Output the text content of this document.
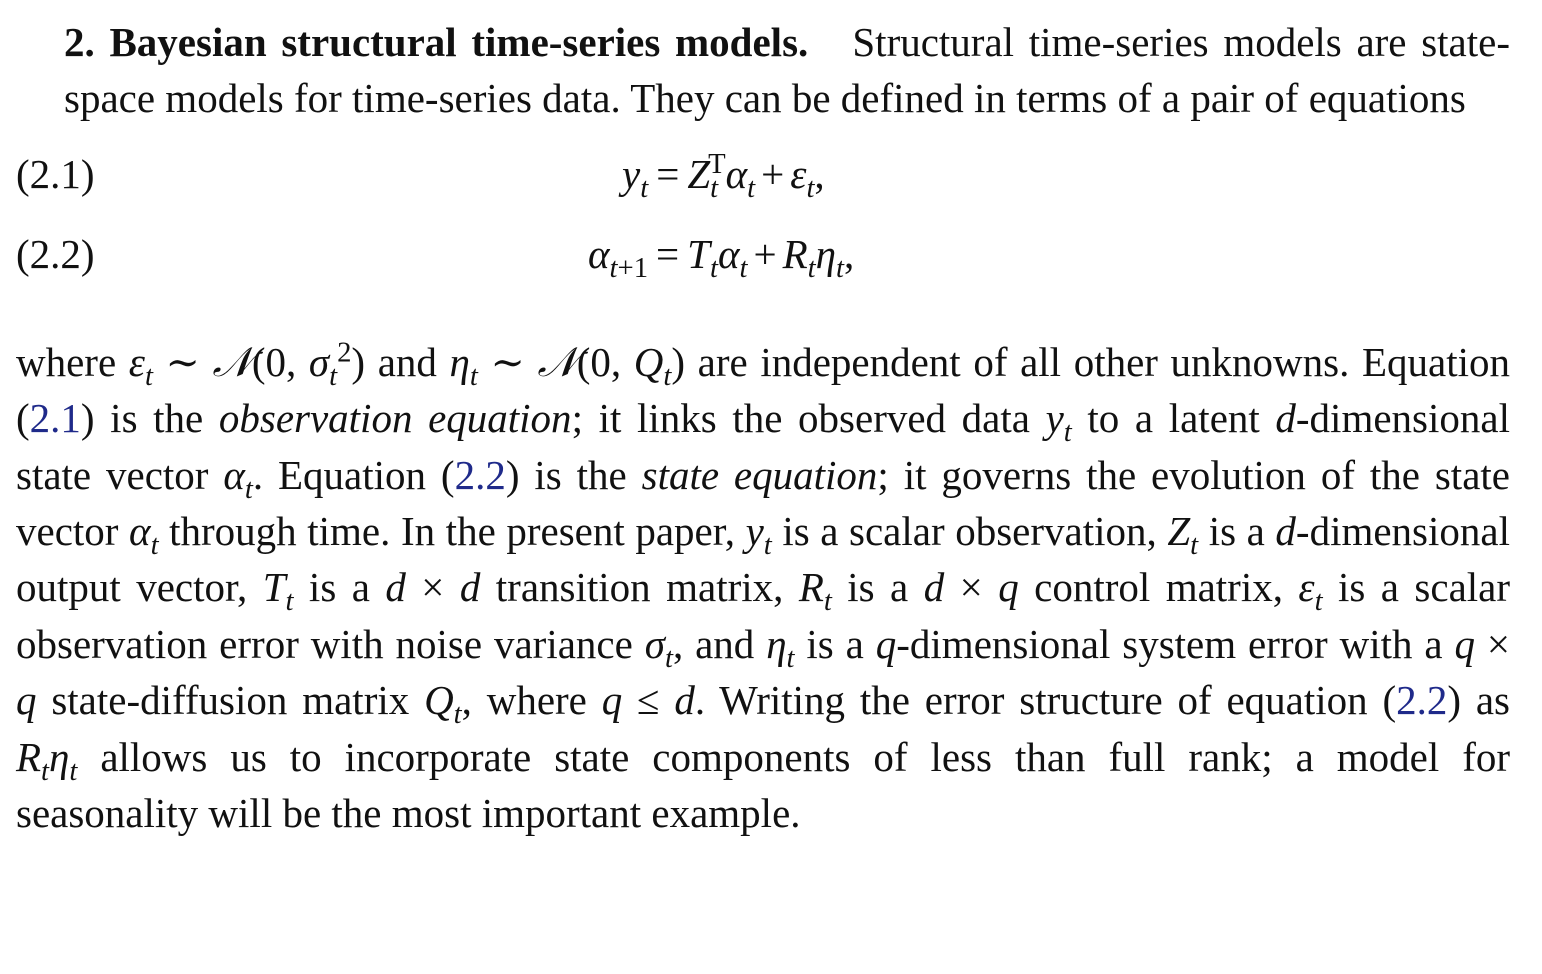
2. Bayesian structural time-series models. Structural time-series models are state-space models for time-series data. They can be defined in terms of a pair of equations

(2.1)	$y_t = Z_t^T\alpha_t + \varepsilon_t$,
(2.2)	$\alpha_{t+1} = T_t\alpha_t + R_t\eta_t$,

where $\varepsilon_t$ ∼ 𝒩(0, $\sigma_t^2$) and $\eta_t$ ∼ 𝒩(0, $Q_t$) are independent of all other unknowns. Equation (2.1) is the observation equation; it links the observed data $y_t$ to a latent d-dimensional state vector $\alpha_t$. Equation (2.2) is the state equation; it governs the evolution of the state vector $\alpha_t$ through time. In the present paper, $y_t$ is a scalar observation, $Z_t$ is a d-dimensional output vector, $T_t$ is a d × d transition matrix, $R_t$ is a d × q control matrix, $\varepsilon_t$ is a scalar observation error with noise variance $\sigma_t$, and $\eta_t$ is a q-dimensional system error with a q × q state-diffusion matrix $Q_t$, where q ≤ d. Writing the error structure of equation (2.2) as $R_t\eta_t$ allows us to incorporate state components of less than full rank; a model for seasonality will be the most important example.
